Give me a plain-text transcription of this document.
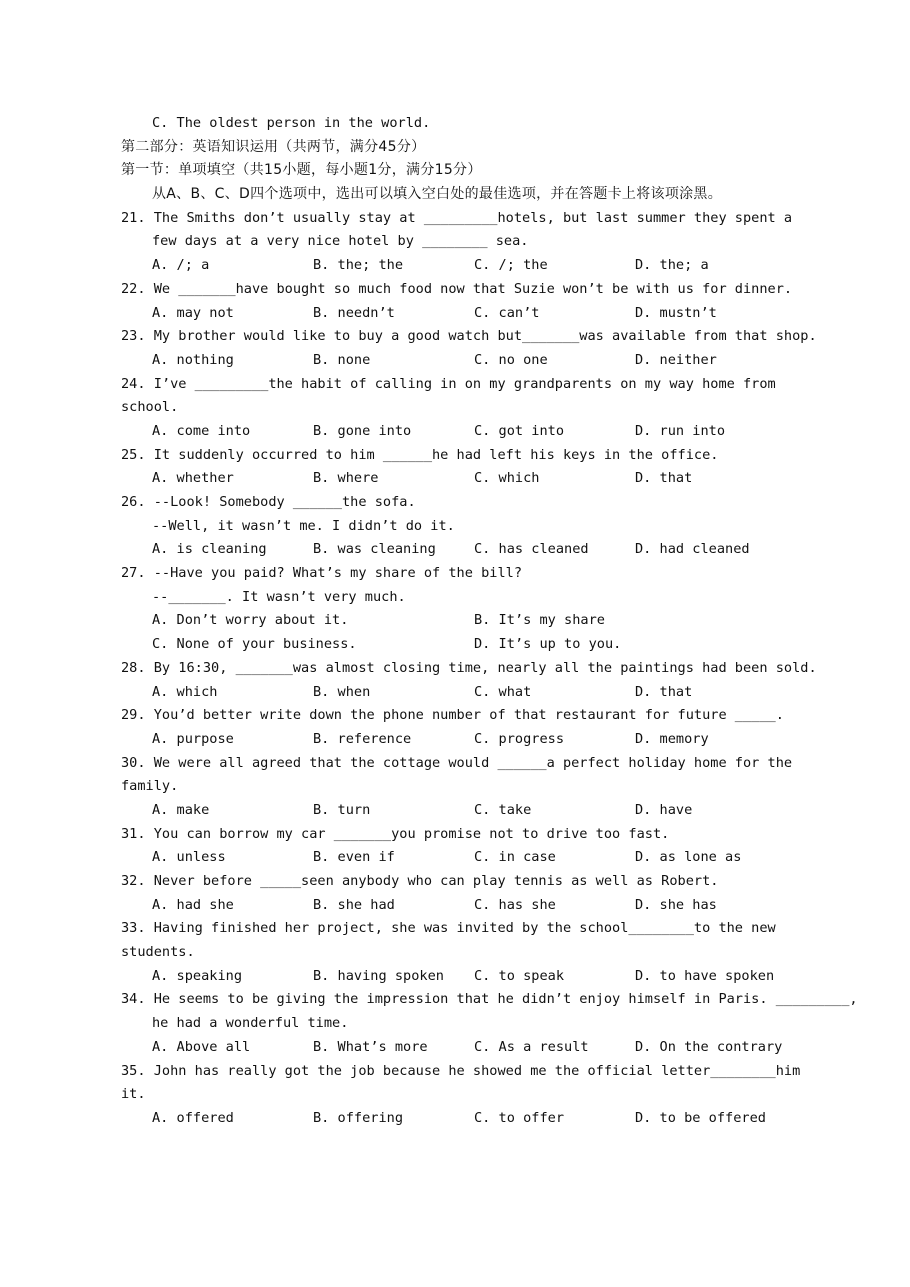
C. The oldest person in the world.
第二部分：英语知识运用（共两节，满分45分）
第一节：单项填空（共15小题，每小题1分，满分15分）
从A、B、C、D四个选项中，选出可以填入空白处的最佳选项，并在答题卡上将该项涂黑。
21. The Smiths don’t usually stay at _________hotels, but last summer they spent a
few days at a very nice hotel by ________ sea.
A. /; a	B. the; the	C. /; the	D. the; a
22. We _______have bought so much food now that Suzie won’t be with us for dinner.
A. may not	B. needn’t	C. can’t	D. mustn’t
23. My brother would like to buy a good watch but_______was available from that shop.
A. nothing	B. none	C. no one	D. neither
24. I’ve _________the habit of calling in on my grandparents on my way home from
school.
A. come into	B. gone into	C. got into	D. run into
25. It suddenly occurred to him ______he had left his keys in the office.
A. whether	B. where	C. which	D. that
26. --Look! Somebody ______the sofa.
--Well, it wasn’t me. I didn’t do it.
A. is cleaning	B. was cleaning	C. has cleaned	D. had cleaned
27. --Have you paid? What’s my share of the bill?
--_______. It wasn’t very much.
A. Don’t worry about it.	B. It’s my share
C. None of your business.	D. It’s up to you.
28. By 16:30, _______was almost closing time, nearly all the paintings had been sold.
A. which	B. when	C. what	D. that
29. You’d better write down the phone number of that restaurant for future _____.
A. purpose	B. reference	C. progress	D. memory
30. We were all agreed that the cottage would ______a perfect holiday home for the
family.
A. make	B. turn	C. take	D. have
31. You can borrow my car _______you promise not to drive too fast.
A. unless	B. even if	C. in case	D. as lone as
32. Never before _____seen anybody who can play tennis as well as Robert.
A. had she	B. she had	C. has she	D. she has
33. Having finished her project, she was invited by the school________to the new
students.
A. speaking	B. having spoken	C. to speak	D. to have spoken
34. He seems to be giving the impression that he didn’t enjoy himself in Paris. _________,
he had a wonderful time.
A. Above all	B. What’s more	C. As a result	D. On the contrary
35. John has really got the job because he showed me the official letter________him
it.
A. offered	B. offering	C. to offer	D. to be offered
